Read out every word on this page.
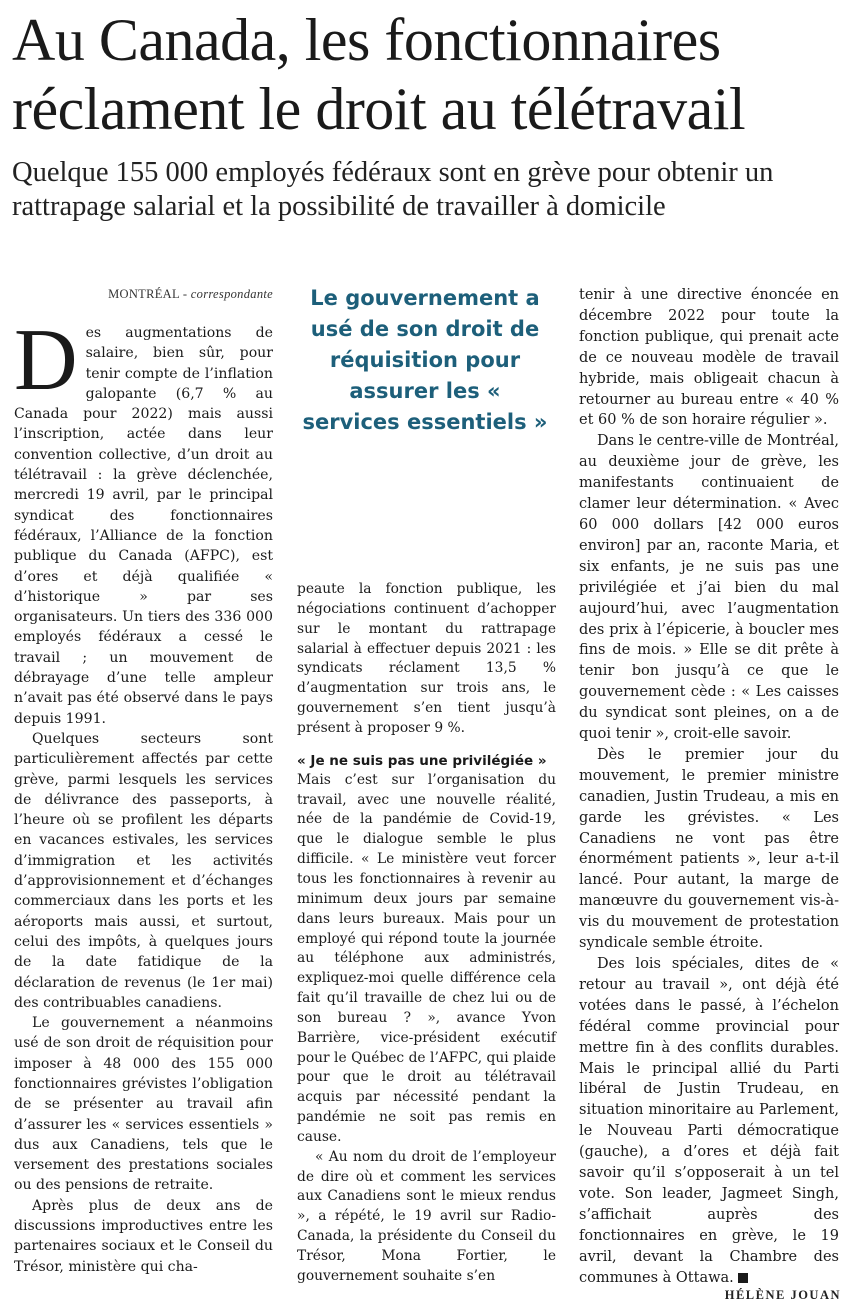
Au Canada, les fonctionnaires réclament le droit au télétravail
Quelque 155 000 employés fédéraux sont en grève pour obtenir un rattrapage salarial et la possibilité de travailler à domicile
MONTRÉAL - correspondante

Des augmentations de salaire, bien sûr, pour tenir compte de l’inflation galopante (6,7 % au Canada pour 2022) mais aussi l’inscription, actée dans leur convention collective, d’un droit au télétravail : la grève déclenchée, mercredi 19 avril, par le principal syndicat des fonctionnaires fédéraux, l’Alliance de la fonction publique du Canada (AFPC), est d’ores et déjà qualifiée « d’historique » par ses organisateurs. Un tiers des 336 000 employés fédéraux a cessé le travail ; un mouvement de débrayage d’une telle ampleur n’avait pas été observé dans le pays depuis 1991.

Quelques secteurs sont particulièrement affectés par cette grève, parmi lesquels les services de délivrance des passeports, à l’heure où se profilent les départs en vacances estivales, les services d’immigration et les activités d’approvisionnement et d’échanges commerciaux dans les ports et les aéroports mais aussi, et surtout, celui des impôts, à quelques jours de la date fatidique de la déclaration de revenus (le 1er mai) des contribuables canadiens.

Le gouvernement a néanmoins usé de son droit de réquisition pour imposer à 48 000 des 155 000 fonctionnaires grévistes l’obligation de se présenter au travail afin d’assurer les « services essentiels » dus aux Canadiens, tels que le versement des prestations sociales ou des pensions de retraite.

Après plus de deux ans de discussions improductives entre les partenaires sociaux et le Conseil du Trésor, ministère qui cha-

Le gouvernement a usé de son droit de réquisition pour assurer les « services essentiels »

peaute la fonction publique, les négociations continuent d’achopper sur le montant du rattrapage salarial à effectuer depuis 2021 : les syndicats réclament 13,5 % d’augmentation sur trois ans, le gouvernement s’en tient jusqu’à présent à proposer 9 %.

« Je ne suis pas une privilégiée »

Mais c’est sur l’organisation du travail, avec une nouvelle réalité, née de la pandémie de Covid-19, que le dialogue semble le plus difficile. « Le ministère veut forcer tous les fonctionnaires à revenir au minimum deux jours par semaine dans leurs bureaux. Mais pour un employé qui répond toute la journée au téléphone aux administrés, expliquez-moi quelle différence cela fait qu’il travaille de chez lui ou de son bureau ? », avance Yvon Barrière, vice-président exécutif pour le Québec de l’AFPC, qui plaide pour que le droit au télétravail acquis par nécessité pendant la pandémie ne soit pas remis en cause.

« Au nom du droit de l’employeur de dire où et comment les services aux Canadiens sont le mieux rendus », a répété, le 19 avril sur Radio-Canada, la présidente du Conseil du Trésor, Mona Fortier, le gouvernement souhaite s’en

tenir à une directive énoncée en décembre 2022 pour toute la fonction publique, qui prenait acte de ce nouveau modèle de travail hybride, mais obligeait chacun à retourner au bureau entre « 40 % et 60 % de son horaire régulier ».

Dans le centre-ville de Montréal, au deuxième jour de grève, les manifestants continuaient de clamer leur détermination. « Avec 60 000 dollars [42 000 euros environ] par an, raconte Maria, et six enfants, je ne suis pas une privilégiée et j’ai bien du mal aujourd’hui, avec l’augmentation des prix à l’épicerie, à boucler mes fins de mois. » Elle se dit prête à tenir bon jusqu’à ce que le gouvernement cède : « Les caisses du syndicat sont pleines, on a de quoi tenir », croit-elle savoir.

Dès le premier jour du mouvement, le premier ministre canadien, Justin Trudeau, a mis en garde les grévistes. « Les Canadiens ne vont pas être énormément patients », leur a-t-il lancé. Pour autant, la marge de manœuvre du gouvernement vis-à-vis du mouvement de protestation syndicale semble étroite.

Des lois spéciales, dites de « retour au travail », ont déjà été votées dans le passé, à l’échelon fédéral comme provincial pour mettre fin à des conflits durables. Mais le principal allié du Parti libéral de Justin Trudeau, en situation minoritaire au Parlement, le Nouveau Parti démocratique (gauche), a d’ores et déjà fait savoir qu’il s’opposerait à un tel vote. Son leader, Jagmeet Singh, s’affichait auprès des fonctionnaires en grève, le 19 avril, devant la Chambre des communes à Ottawa.

HÉLÈNE JOUAN
